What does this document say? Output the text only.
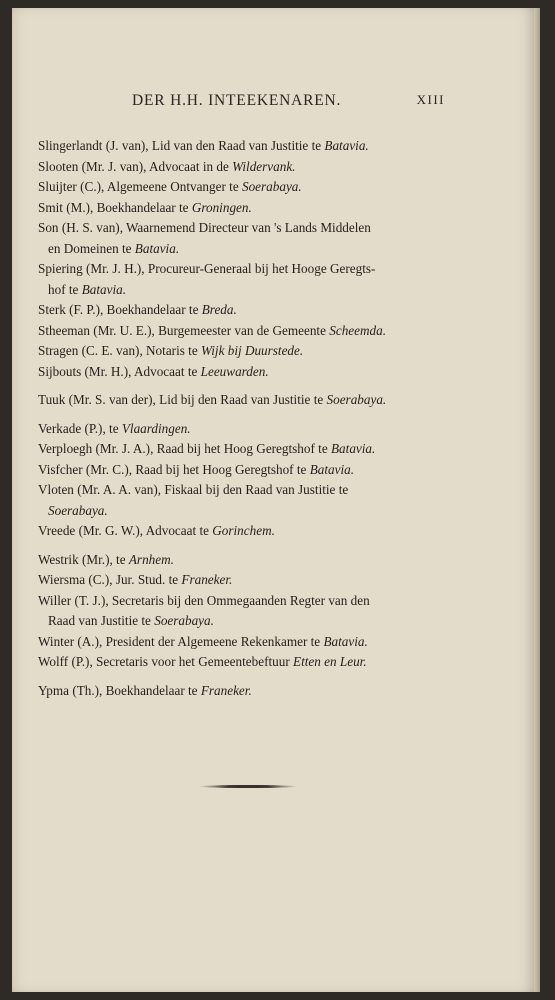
DER H.H. INTEEKENAREN.	XIII

Slingerlandt (J. van), Lid van den Raad van Justitie te Batavia.

Slooten (Mr. J. van), Advocaat in de Wildervank.

Sluijter (C.), Algemeene Ontvanger te Soerabaya.

Smit (M.), Boekhandelaar te Groningen.

Son (H. S. van), Waarnemend Directeur van 's Lands Middelen
en Domeinen te Batavia.

Spiering (Mr. J. H.), Procureur-Generaal bij het Hooge Geregts-
hof te Batavia.

Sterk (F. P.), Boekhandelaar te Breda.

Stheeman (Mr. U. E.), Burgemeester van de Gemeente Scheemda.

Stragen (C. E. van), Notaris te Wijk bij Duurstede.

Sijbouts (Mr. H.), Advocaat te Leeuwarden.

Tuuk (Mr. S. van der), Lid bij den Raad van Justitie te Soerabaya.

Verkade (P.), te Vlaardingen.

Verploegh (Mr. J. A.), Raad bij het Hoog Geregtshof te Batavia.

Visfcher (Mr. C.), Raad bij het Hoog Geregtshof te Batavia.

Vloten (Mr. A. A. van), Fiskaal bij den Raad van Justitie te
Soerabaya.

Vreede (Mr. G. W.), Advocaat te Gorinchem.

Westrik (Mr.), te Arnhem.

Wiersma (C.), Jur. Stud. te Franeker.

Willer (T. J.), Secretaris bij den Ommegaanden Regter van den
Raad van Justitie te Soerabaya.

Winter (A.), President der Algemeene Rekenkamer te Batavia.

Wolff (P.), Secretaris voor het Gemeentebeftuur Etten en Leur.

Ypma (Th.), Boekhandelaar te Franeker.
